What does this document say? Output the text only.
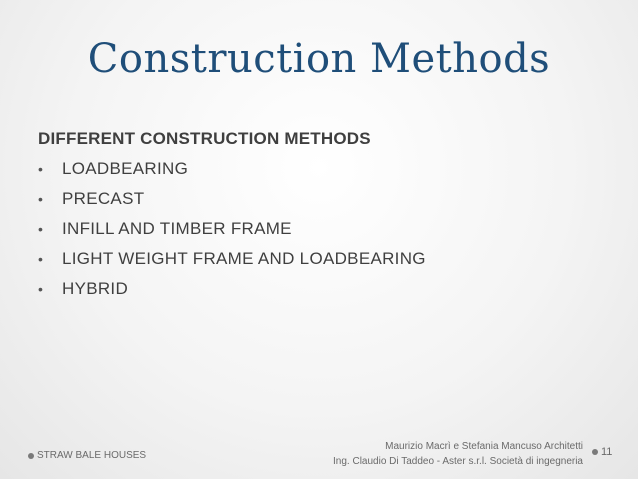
Construction Methods
DIFFERENT CONSTRUCTION METHODS
• LOADBEARING
• PRECAST
• INFILL AND TIMBER FRAME
• LIGHT WEIGHT FRAME AND LOADBEARING
• HYBRID
STRAW BALE HOUSES
Maurizio Macrì e Stefania Mancuso Architetti
Ing. Claudio Di Taddeo - Aster s.r.l. Società di ingegneria
11
